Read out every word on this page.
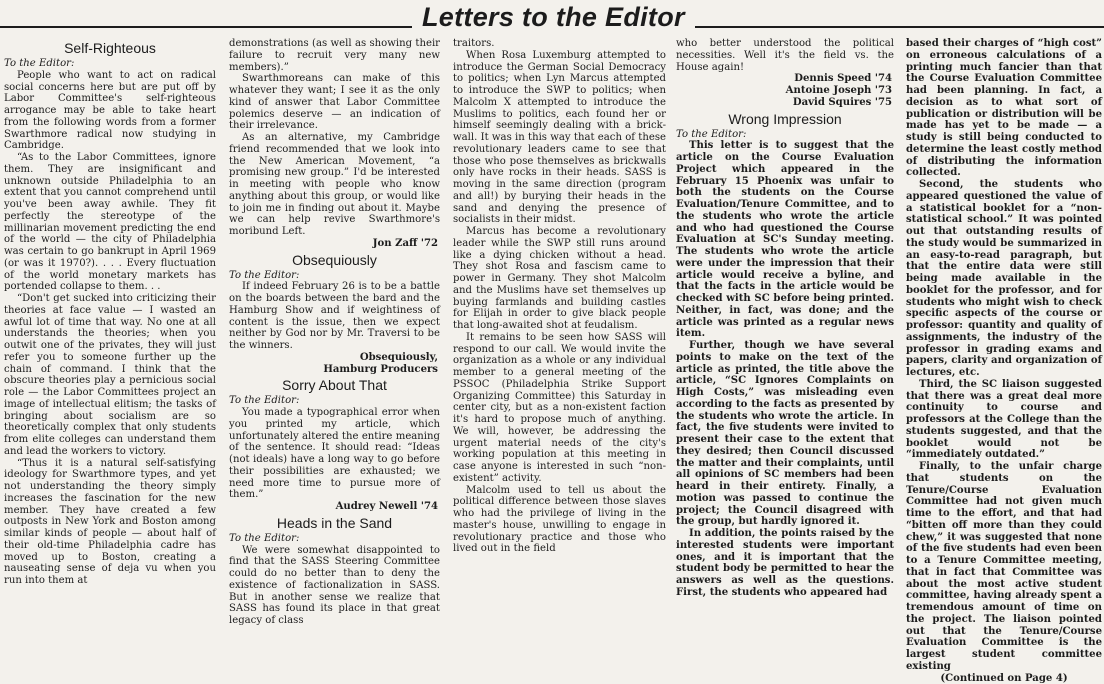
Letters to the Editor
Self-Righteous

To the Editor:

People who want to act on radical social concerns here but are put off by Labor Committee's self-righteous arrogance may be able to take heart from the following words from a former Swarthmore radical now studying in Cambridge.

“As to the Labor Committees, ignore them. They are insignificant and unknown outside Philadelphia to an extent that you cannot comprehend until you've been away awhile. They fit perfectly the stereotype of the millinarian movement predicting the end of the world — the city of Philadelphia was certain to go bankrupt in April 1969 (or was it 1970?). . . . Every fluctuation of the world monetary markets has portended collapse to them. . .

“Don't get sucked into criticizing their theories at face value — I wasted an awful lot of time that way. No one at all understands the theories; when you outwit one of the privates, they will just refer you to someone further up the chain of command. I think that the obscure theories play a pernicious social role — the Labor Committees project an image of intellectual elitism; the tasks of bringing about socialism are so theoretically complex that only students from elite colleges can understand them and lead the workers to victory.

“Thus it is a natural self-satisfying ideology for Swarthmore types, and yet not understanding the theory simply increases the fascination for the new member. They have created a few outposts in New York and Boston among similar kinds of people — about half of their old-time Philadelphia cadre has moved up to Boston, creating a nauseating sense of deja vu when you run into them at

demonstrations (as well as showing their failure to recruit very many new members).”

Swarthmoreans can make of this whatever they want; I see it as the only kind of answer that Labor Committee polemics deserve — an indication of their irrelevance.

As an alternative, my Cambridge friend recommended that we look into the New American Movement, “a promising new group.” I'd be interested in meeting with people who know anything about this group, or would like to join me in finding out about it. Maybe we can help revive Swarthmore's moribund Left.

Jon Zaff '72
Obsequiously

To the Editor:

If indeed February 26 is to be a battle on the boards between the bard and the Hamburg Show and if weightiness of content is the issue, then we expect neither by God nor by Mr. Traversi to be the winners.

Obsequiously,
Hamburg Producers
Sorry About That

To the Editor:

You made a typographical error when you printed my article, which unfortunately altered the entire meaning of the sentence. It should read: “Ideas (not ideals) have a long way to go before their possibilities are exhausted; we need more time to pursue more of them.”

Audrey Newell '74
Heads in the Sand

To the Editor:

We were somewhat disappointed to find that the SASS Steering Committee could do no better than to deny the existence of factionalization in SASS. But in another sense we realize that SASS has found its place in that great legacy of class

traitors.

When Rosa Luxemburg attempted to introduce the German Social Democracy to politics; when Lyn Marcus attempted to introduce the SWP to politics; when Malcolm X attempted to introduce the Muslims to politics, each found her or himself seemingly dealing with a brick-wall. It was in this way that each of these revolutionary leaders came to see that those who pose themselves as brickwalls only have rocks in their heads. SASS is moving in the same direction (program and all!) by burying their heads in the sand and denying the presence of socialists in their midst.

Marcus has become a revolutionary leader while the SWP still runs around like a dying chicken without a head. They shot Rosa and fascism came to power in Germany. They shot Malcolm and the Muslims have set themselves up buying farmlands and building castles for Elijah in order to give black people that long-awaited shot at feudalism.

It remains to be seen how SASS will respond to our call. We would invite the organization as a whole or any individual member to a general meeting of the PSSOC (Philadelphia Strike Support Organizing Committee) this Saturday in center city, but as a non-existent faction it's hard to propose much of anything. We will, however, be addressing the urgent material needs of the city's working population at this meeting in case anyone is interested in such “non-existent” activity.

Malcolm used to tell us about the political difference between those slaves who had the privilege of living in the master's house, unwilling to engage in revolutionary practice and those who lived out in the field

who better understood the political necessities. Well it's the field vs. the House again!

Dennis Speed '74
Antoine Joseph '73
David Squires '75
Wrong Impression

To the Editor:

This letter is to suggest that the article on the Course Evaluation Project which appeared in the February 15 Phoenix was unfair to both the students on the Course Evaluation/Tenure Committee, and to the students who wrote the article and who had questioned the Course Evaluation at SC's Sunday meeting. The students who wrote the article were under the impression that their article would receive a byline, and that the facts in the article would be checked with SC before being printed. Neither, in fact, was done; and the article was printed as a regular news item.

Further, though we have several points to make on the text of the article as printed, the title above the article, “SC Ignores Complaints on High Costs,” was misleading even according to the facts as presented by the students who wrote the article. In fact, the five students were invited to present their case to the extent that they desired; then Council discussed the matter and their complaints, until all opinions of SC members had been heard in their entirety. Finally, a motion was passed to continue the project; the Council disagreed with the group, but hardly ignored it.

In addition, the points raised by the interested students were important ones, and it is important that the student body be permitted to hear the answers as well as the questions. First, the students who appeared had

based their charges of “high cost” on erroneous calculations of a printing much fancier than that the Course Evaluation Committee had been planning. In fact, a decision as to what sort of publication or distribution will be made has yet to be made — a study is still being conducted to determine the least costly method of distributing the information collected.

Second, the students who appeared questioned the value of a statistical booklet for a “non-statistical school.” It was pointed out that outstanding results of the study would be summarized in an easy-to-read paragraph, but that the entire data were still being made available in the booklet for the professor, and for students who might wish to check specific aspects of the course or professor: quantity and quality of assignments, the industry of the professor in grading exams and papers, clarity and organization of lectures, etc.

Third, the SC liaison suggested that there was a great deal more continuity to course and professors at the College than the students suggested, and that the booklet would not be “immediately outdated.”

Finally, to the unfair charge that students on the Tenure/Course Evaluation Committee had not given much time to the effort, and that had “bitten off more than they could chew,” it was suggested that none of the five students had even been to a Tenure Committee meeting, that in fact that Committee was about the most active student committee, having already spent a tremendous amount of time on the project. The liaison pointed out that the Tenure/Course Evaluation Committee is the largest student committee existing

(Continued on Page 4)
